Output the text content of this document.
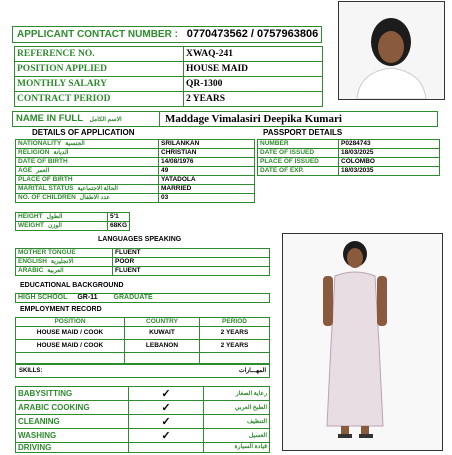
APPLICANT CONTACT NUMBER : 0770473562 / 0757963806
REFERENCE NO.	XWAQ-241
POSITION APPLIED	HOUSE MAID
MONTHLY SALARY	QR-1300
CONTRACT PERIOD	2 YEARS
NAME IN FULL الاسم الكامل	Maddage Vimalasiri Deepika Kumari
DETAILS OF APPLICATION	PASSPORT DETAILS
NATIONALITY الجنسية	SRILANKAN
RELIGION الديانة	CHRISTIAN
DATE OF BIRTH	14/08/1976
AGE العمر	49
PLACE OF BIRTH	YATADOLA
MARITAL STATUS الحالة الاجتماعية	MARRIED
NO. OF CHILDREN عدد الاطفال	03
NUMBER	P0284743
DATE OF ISSUED	18/03/2025
PLACE OF ISSUED	COLOMBO
DATE OF EXP.	18/03/2035
HEIGHT الطول	5'1
WEIGHT الوزن	68KG
LANGUAGES SPEAKING
MOTHER TONGUE	FLUENT
ENGLISH الانجليزية	POOR
ARABIC العربية	FLUENT
EDUCATIONAL BACKGROUND
HIGH SCHOOL GR-11 GRADUATE
EMPLOYMENT RECORD
POSITION	COUNTRY	PERIOD
HOUSE MAID / COOK	KUWAIT	2 YEARS
HOUSE MAID / COOK	LEBANON	2 YEARS

SKILLS:	المهـــارات
BABYSITTING	✓	رعاية الصغار
ARABIC COOKING	✓	الطبخ العربي
CLEANING	✓	التنظيف
WASHING	✓	الغسيل
DRIVING		قيادة السيارة
